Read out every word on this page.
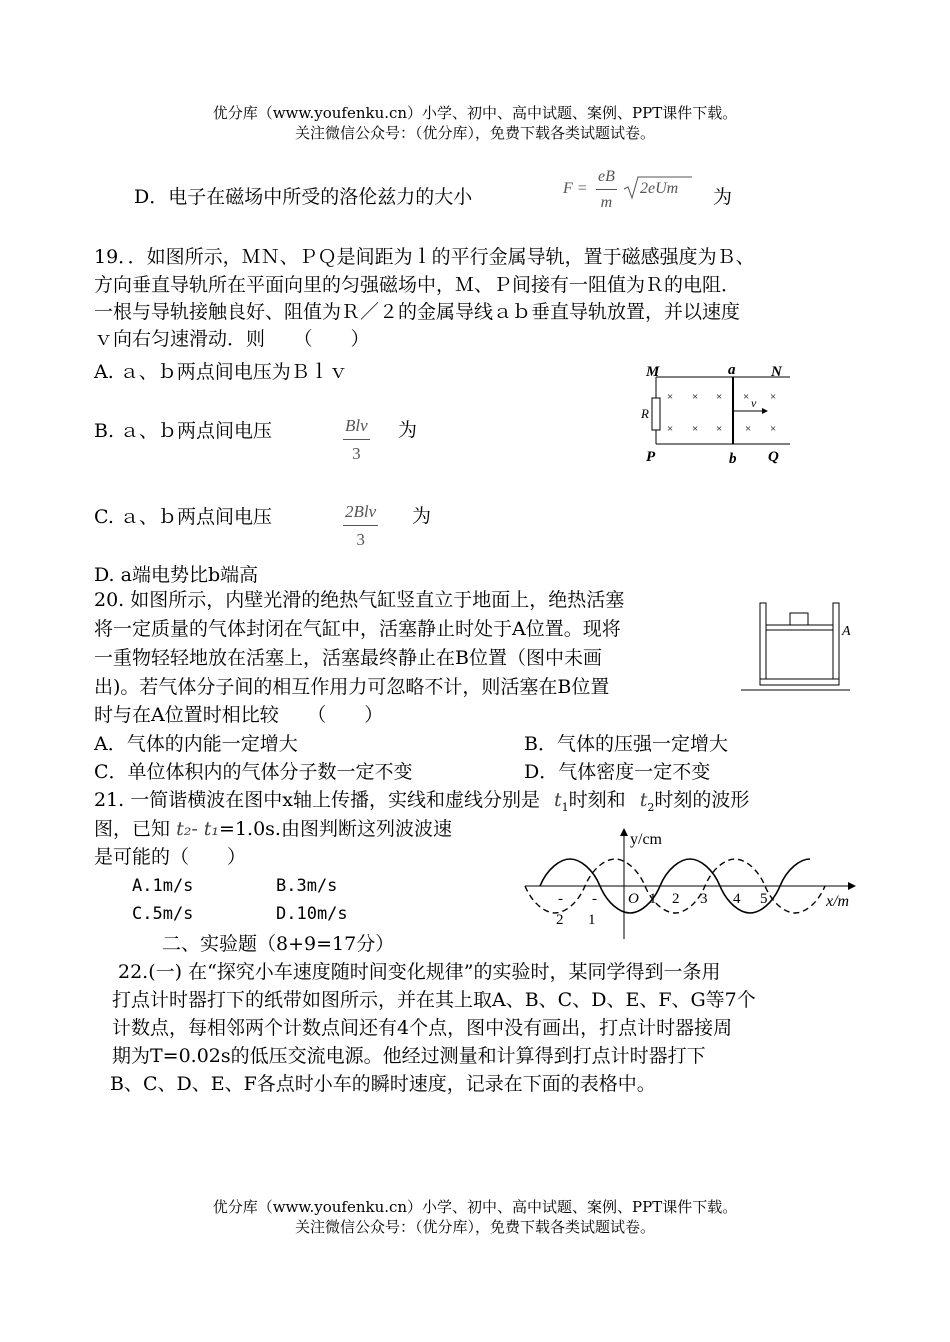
优分库（www.youfenku.cn）小学、初中、高中试题、案例、PPT课件下载。
关注微信公众号：（优分库），免费下载各类试题试卷。
D．电子在磁场中所受的洛伦兹力的大小	$F = \frac{eB}{m} 2eUm$ 为
19．．如图所示，ＭＮ、ＰＱ是间距为ｌ的平行金属导轨，置于磁感强度为Ｂ、
方向垂直导轨所在平面向里的匀强磁场中，Ｍ、Ｐ间接有一阻值为Ｒ的电阻．
一根与导轨接触良好、阻值为Ｒ／２的金属导线ａｂ垂直导轨放置，并以速度
ｖ向右匀速滑动．则　　（　　）
A. ａ、ｂ两点间电压为Ｂｌｖ
B. ａ、ｂ两点间电压	Blv
3
为
C. ａ、ｂ两点间电压	2Blv
3
为
D. a端电势比b端高
M	a N
R
v
× × × × ×
× × × × ×
P	b Q
20. 如图所示，内壁光滑的绝热气缸竖直立于地面上，绝热活塞
将一定质量的气体封闭在气缸中，活塞静止时处于A位置。现将
一重物轻轻地放在活塞上，活塞最终静止在B位置（图中未画
出)。若气体分子间的相互作用力可忽略不计，则活塞在B位置
时与在A位置时相比较　　（　　）
A．气体的内能一定增大	B．气体的压强一定增大
C．单位体积内的气体分子数一定不变	D．气体密度一定不变
A
21. 一简谐横波在图中x轴上传播，实线和虚线分别是 $t_1$时刻和 $t_2$时刻的波形
图，已知 t₂- t₁=1.0s.由图判断这列波波速
是可能的（　　）
A.1m/s	B.3m/s
C.5m/s	D.10m/s
y/cm
x/m
O 1 2 3 4 5
- -
2 1
二、实验题（8+9=17分）
22.(一) 在“探究小车速度随时间变化规律”的实验时，某同学得到一条用
打点计时器打下的纸带如图所示，并在其上取A、B、C、D、E、F、G等7个
计数点，每相邻两个计数点间还有4个点，图中没有画出，打点计时器接周
期为T=0.02s的低压交流电源。他经过测量和计算得到打点计时器打下
B、C、D、E、F各点时小车的瞬时速度，记录在下面的表格中。
优分库（www.youfenku.cn）小学、初中、高中试题、案例、PPT课件下载。
关注微信公众号：（优分库），免费下载各类试题试卷。
